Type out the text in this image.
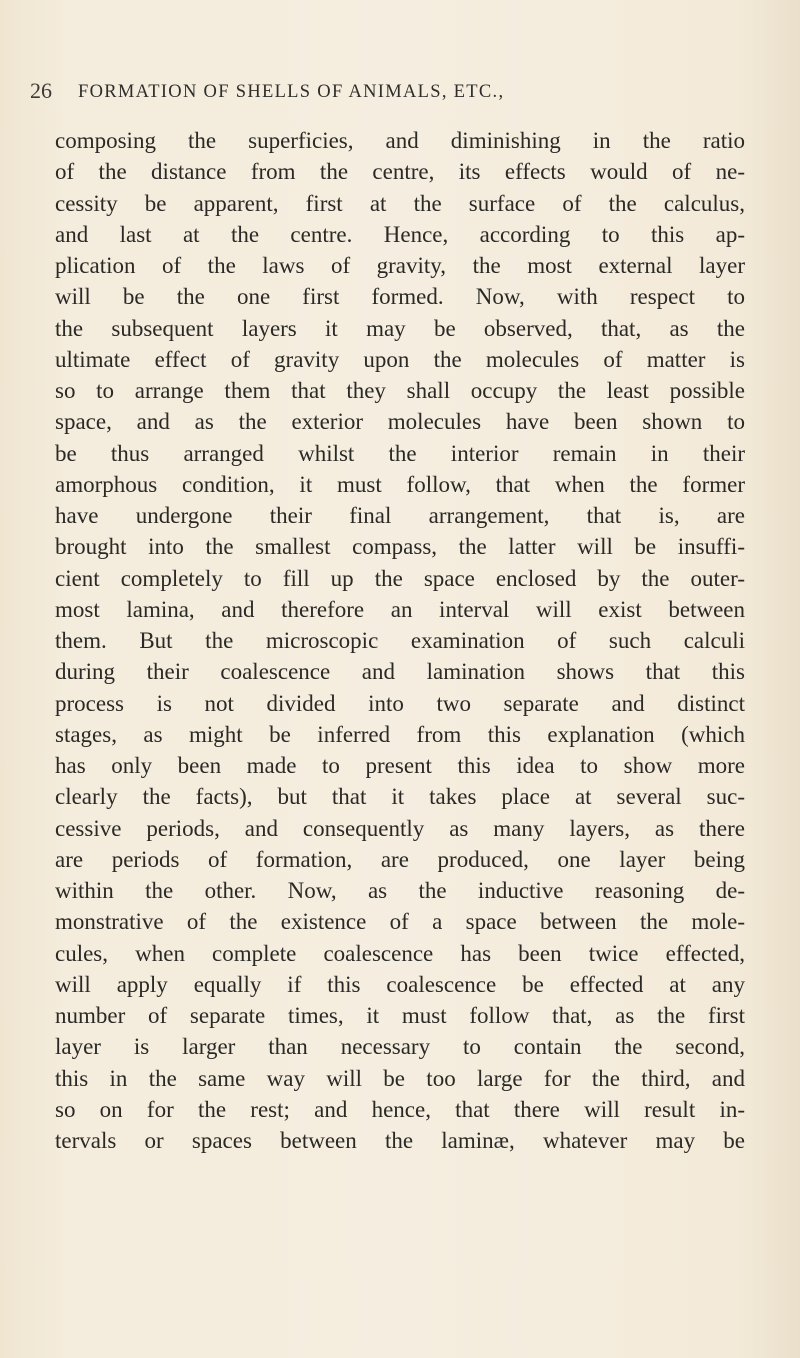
26 FORMATION OF SHELLS OF ANIMALS, ETC.,
composing the superficies, and diminishing in the ratio
of the distance from the centre, its effects would of ne-
cessity be apparent, first at the surface of the calculus,
and last at the centre. Hence, according to this ap-
plication of the laws of gravity, the most external layer
will be the one first formed. Now, with respect to
the subsequent layers it may be observed, that, as the
ultimate effect of gravity upon the molecules of matter is
so to arrange them that they shall occupy the least possible
space, and as the exterior molecules have been shown to
be thus arranged whilst the interior remain in their
amorphous condition, it must follow, that when the former
have undergone their final arrangement, that is, are
brought into the smallest compass, the latter will be insuffi-
cient completely to fill up the space enclosed by the outer-
most lamina, and therefore an interval will exist between
them. But the microscopic examination of such calculi
during their coalescence and lamination shows that this
process is not divided into two separate and distinct
stages, as might be inferred from this explanation (which
has only been made to present this idea to show more
clearly the facts), but that it takes place at several suc-
cessive periods, and consequently as many layers, as there
are periods of formation, are produced, one layer being
within the other. Now, as the inductive reasoning de-
monstrative of the existence of a space between the mole-
cules, when complete coalescence has been twice effected,
will apply equally if this coalescence be effected at any
number of separate times, it must follow that, as the first
layer is larger than necessary to contain the second,
this in the same way will be too large for the third, and
so on for the rest; and hence, that there will result in-
tervals or spaces between the laminæ, whatever may be
